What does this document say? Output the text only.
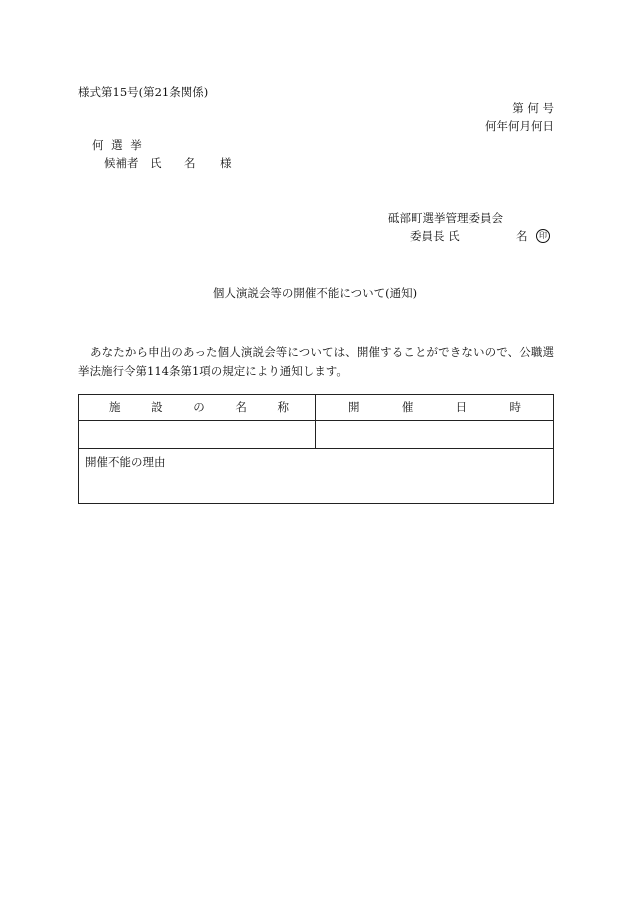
様式第15号(第21条関係)
第 何 号
何年何月何日
何 選 挙
候補者 氏 名 様
砥部町選挙管理委員会
委員長 氏	名	印
個人演説会等の開催不能について(通知)

あなたから申出のあった個人演説会等については、開催することができないので、公職選挙法施行令第114条第1項の規定により通知します。

施 設 の 名 称	開 催 日 時

開催不能の理由	
